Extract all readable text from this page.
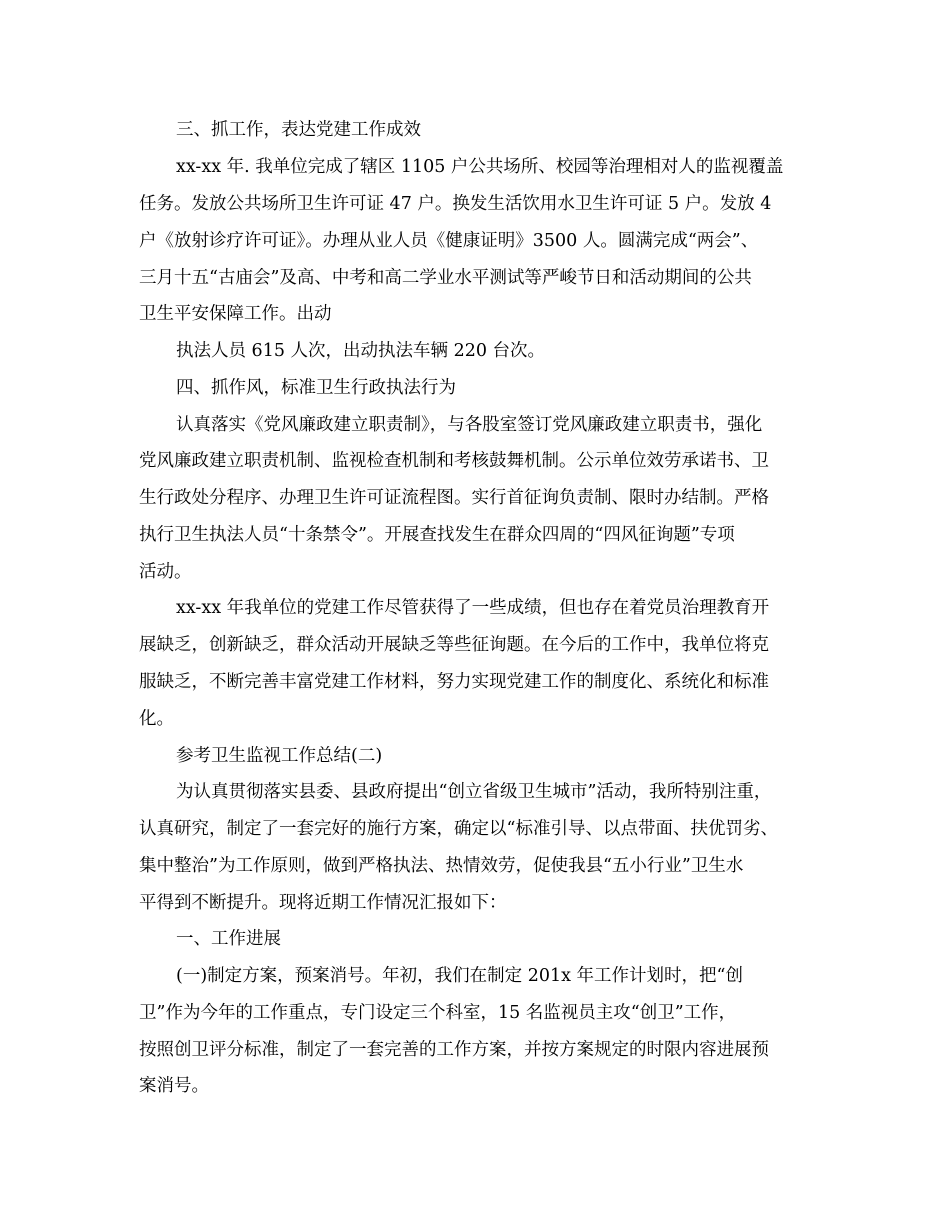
三、抓工作，表达党建工作成效
xx-xx 年. 我单位完成了辖区 1105 户公共场所、校园等治理相对人的监视覆盖
任务。发放公共场所卫生许可证 47 户。换发生活饮用水卫生许可证 5 户。发放 4
户《放射诊疗许可证》。办理从业人员《健康证明》3500 人。圆满完成“两会”、
三月十五“古庙会”及高、中考和高二学业水平测试等严峻节日和活动期间的公共
卫生平安保障工作。出动
执法人员 615 人次，出动执法车辆 220 台次。
四、抓作风，标准卫生行政执法行为
认真落实《党风廉政建立职责制》，与各股室签订党风廉政建立职责书，强化
党风廉政建立职责机制、监视检查机制和考核鼓舞机制。公示单位效劳承诺书、卫
生行政处分程序、办理卫生许可证流程图。实行首征询负责制、限时办结制。严格
执行卫生执法人员“十条禁令”。开展查找发生在群众四周的“四风征询题”专项
活动。
xx-xx 年我单位的党建工作尽管获得了一些成绩，但也存在着党员治理教育开
展缺乏，创新缺乏，群众活动开展缺乏等些征询题。在今后的工作中，我单位将克
服缺乏，不断完善丰富党建工作材料，努力实现党建工作的制度化、系统化和标准
化。
参考卫生监视工作总结(二)
为认真贯彻落实县委、县政府提出“创立省级卫生城市”活动，我所特别注重，
认真研究，制定了一套完好的施行方案，确定以“标准引导、以点带面、扶优罚劣、
集中整治”为工作原则，做到严格执法、热情效劳，促使我县“五小行业”卫生水
平得到不断提升。现将近期工作情况汇报如下：
一、工作进展
(一)制定方案，预案消号。年初，我们在制定 201x 年工作计划时，把“创
卫”作为今年的工作重点，专门设定三个科室，15 名监视员主攻“创卫”工作，
按照创卫评分标准，制定了一套完善的工作方案，并按方案规定的时限内容进展预
案消号。
